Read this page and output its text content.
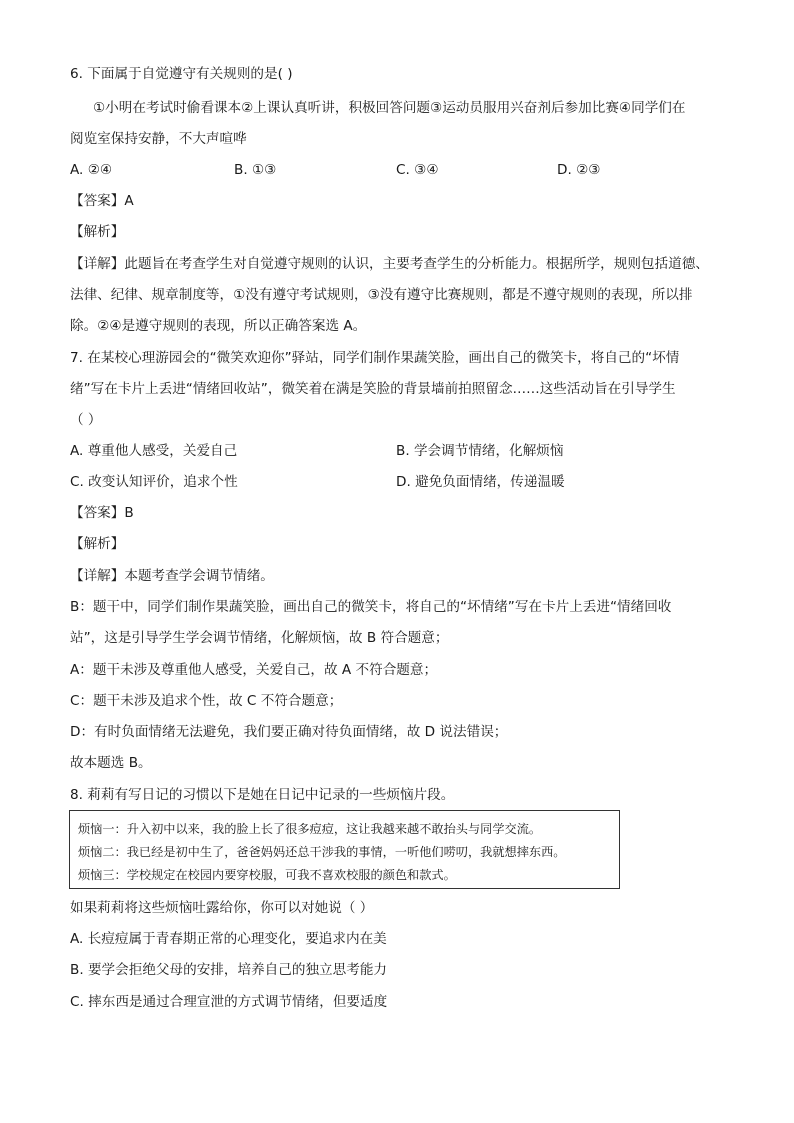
6. 下面属于自觉遵守有关规则的是( )
①小明在考试时偷看课本②上课认真听讲，积极回答问题③运动员服用兴奋剂后参加比赛④同学们在
阅览室保持安静，不大声喧哗
A. ②④	B. ①③	C. ③④	D. ②③
【答案】A
【解析】
【详解】此题旨在考查学生对自觉遵守规则的认识，主要考查学生的分析能力。根据所学，规则包括道德、
法律、纪律、规章制度等，①没有遵守考试规则，③没有遵守比赛规则，都是不遵守规则的表现，所以排
除。②④是遵守规则的表现，所以正确答案选 A。
7. 在某校心理游园会的“微笑欢迎你”驿站，同学们制作果蔬笑脸，画出自己的微笑卡，将自己的“坏情
绪”写在卡片上丢进“情绪回收站”，微笑着在满是笑脸的背景墙前拍照留念……这些活动旨在引导学生
（ ）
A. 尊重他人感受，关爱自己	B. 学会调节情绪，化解烦恼
C. 改变认知评价，追求个性	D. 避免负面情绪，传递温暖
【答案】B
【解析】
【详解】本题考查学会调节情绪。
B：题干中，同学们制作果蔬笑脸，画出自己的微笑卡，将自己的“坏情绪”写在卡片上丢进“情绪回收
站”，这是引导学生学会调节情绪，化解烦恼，故 B 符合题意；
A：题干未涉及尊重他人感受，关爱自己，故 A 不符合题意；
C：题干未涉及追求个性，故 C 不符合题意；
D：有时负面情绪无法避免，我们要正确对待负面情绪，故 D 说法错误；
故本题选 B。
8. 莉莉有写日记的习惯以下是她在日记中记录的一些烦恼片段。
烦恼一：升入初中以来，我的脸上长了很多痘痘，这让我越来越不敢抬头与同学交流。
烦恼二：我已经是初中生了，爸爸妈妈还总干涉我的事情，一听他们唠叨，我就想摔东西。
烦恼三：学校规定在校园内要穿校服，可我不喜欢校服的颜色和款式。
如果莉莉将这些烦恼吐露给你，你可以对她说（ ）
A. 长痘痘属于青春期正常的心理变化，要追求内在美
B. 要学会拒绝父母的安排，培养自己的独立思考能力
C. 摔东西是通过合理宣泄的方式调节情绪，但要适度
